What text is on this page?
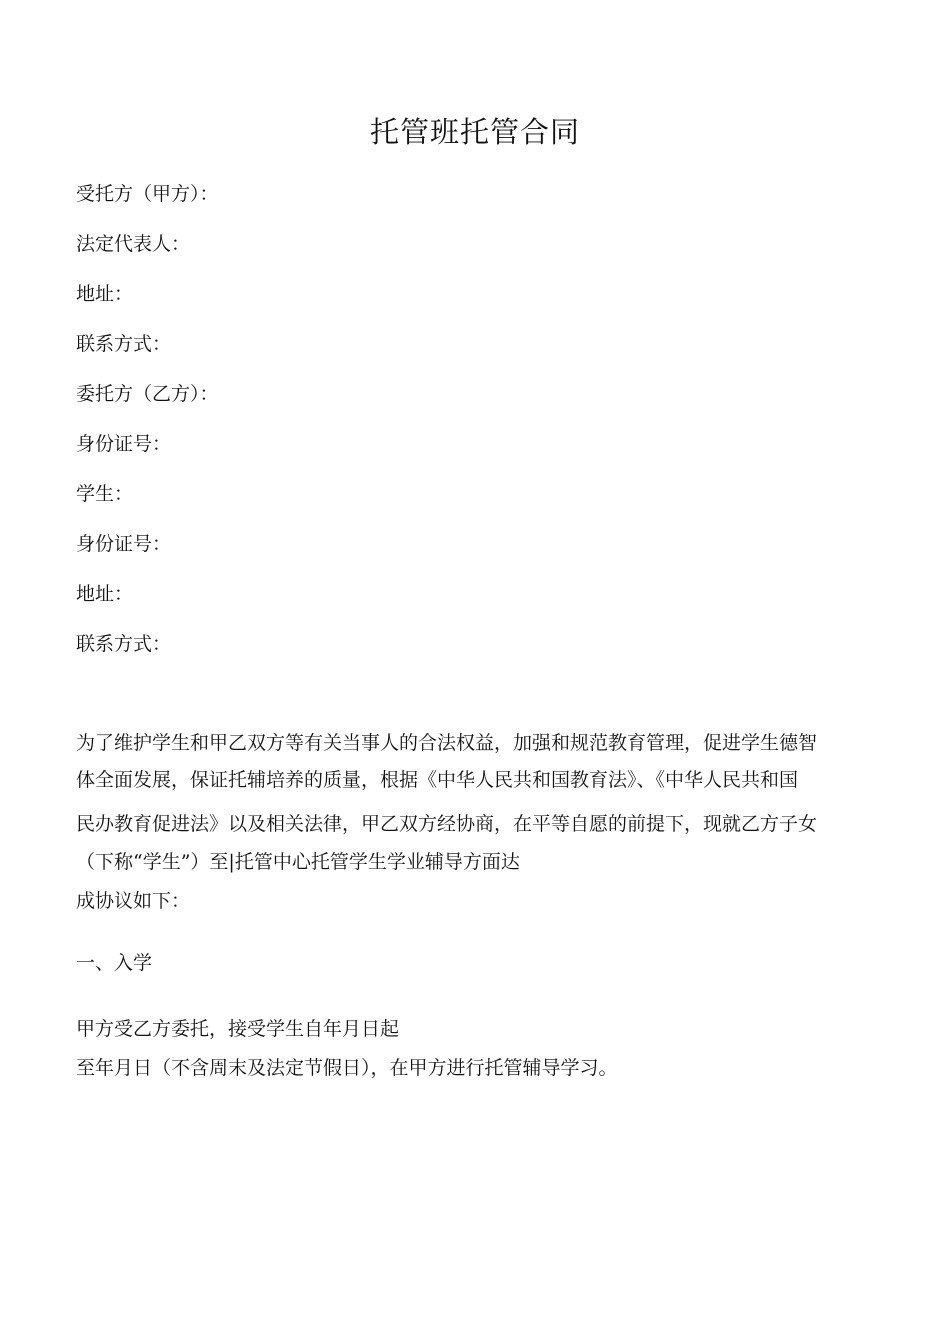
托管班托管合同
受托方（甲方）：
法定代表人：
地址：
联系方式：
委托方（乙方）：
身份证号：
学生：
身份证号：
地址：
联系方式：
为了维护学生和甲乙双方等有关当事人的合法权益，加强和规范教育管理，促进学生德智
体全面发展，保证托辅培养的质量，根据《中华人民共和国教育法》、《中华人民共和国
民办教育促进法》以及相关法律，甲乙双方经协商，在平等自愿的前提下，现就乙方子女
（下称“学生”）至|托管中心托管学生学业辅导方面达
成协议如下：
一、入学
甲方受乙方委托，接受学生自年月日起
至年月日（不含周末及法定节假日），在甲方进行托管辅导学习。
